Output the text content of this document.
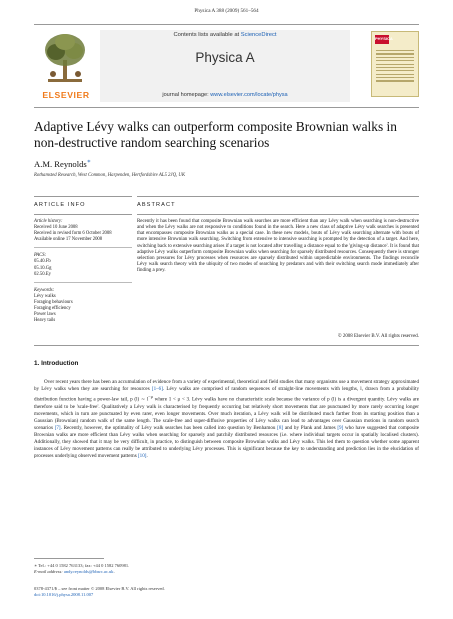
Physica A 388 (2009) 561–564
ELSEVIER
Contents lists available at ScienceDirect
Physica A
journal homepage: www.elsevier.com/locate/physa
PHYSICA
Adaptive Lévy walks can outperform composite Brownian walks in non-destructive random searching scenarios
A.M. Reynolds∗
Rothamsted Research, West Common, Harpenden, Hertfordshire AL5 2JQ, UK
ARTICLE INFO	ABSTRACT
Article history:
Received 10 June 2008
Received in revised form 6 October 2008
Available online 17 November 2008
PACS:
05.40.Fb
05.10.Gg
02.50.Ey
Keywords:
Lévy walks
Foraging behaviours
Foraging efficiency
Power laws
Heavy tails
Recently it has been found that composite Brownian walk searches are more efficient than any Lévy walk when searching is non-destructive and when the Lévy walks are not responsive to conditions found in the search. Here a new class of adaptive Lévy walk searches is presented that encompasses composite Brownian walks as a special case. In these new models, bouts of Lévy walk searching alternate with bouts of more intensive Brownian walk searching. Switching from extensive to intensive searching is prompted by the detection of a target. And here, switching back to extensive searching arises if a target is not located after travelling a distance equal to the 'giving-up distance'. It is found that adaptive Lévy walks outperform composite Brownian walks when searching for sparsely distributed resources. Consequently there is stronger selection pressures for Lévy processes when resources are sparsely distributed within unpredictable environments. The findings reconcile Lévy walk search theory with the ubiquity of two modes of searching by predators and with their switching search mode immediately after finding a prey.
© 2008 Elsevier B.V. All rights reserved.
1. Introduction
Over recent years there has been an accumulation of evidence from a variety of experimental, theoretical and field studies that many organisms use a movement strategy approximated by Lévy walks when they are searching for resources [1–6]. Lévy walks are comprised of random sequences of straight-line movements with lengths, l, drawn from a probability distribution function having a power-law tail, p (l) ∼ $l^{-\mu}$ where 1 < μ < 3. Lévy walks have no characteristic scale because the variance of p (l) is a divergent quantity. Lévy walks are therefore said to be 'scale-free'. Qualitatively a Lévy walk is characterised by frequently occurring but relatively short movements that are punctuated by more rarely occurring longer movements, which in turn are punctuated by even rarer, even longer movements. Over much iteration, a Lévy walk will be distributed much farther from its starting position than a Gaussian (Brownian) random walk of the same length. The scale-free and super-diffusive properties of Lévy walks can lead to advantages over Gaussian motions in random search scenarios [7]. Recently, however, the optimality of Lévy walk searches has been called into question by Benhamou [8] and by Plank and James [9] who have suggested that composite Brownian walks are more efficient than Lévy walks when searching for sparsely and patchily distributed resources (i.e. where individual targets occur in spatially localised clusters). Additionally, they showed that it may be very difficult, in practice, to distinguish between composite Brownian walks and Lévy walks. This led them to question whether some apparent instances of Lévy movement patterns can really be attributed to underlying Lévy processes. This is significant because the key to understanding and prediction lies in the elucidation of processes underlying observed movement patterns [10].
∗ Tel.: +44 0 1582 763133; fax: +44 0 1582 760981.
E-mail address: andy.reynolds@bbsrc.ac.uk.
0378-4371/$ – see front matter © 2008 Elsevier B.V. All rights reserved.
doi:10.1016/j.physa.2008.11.007
